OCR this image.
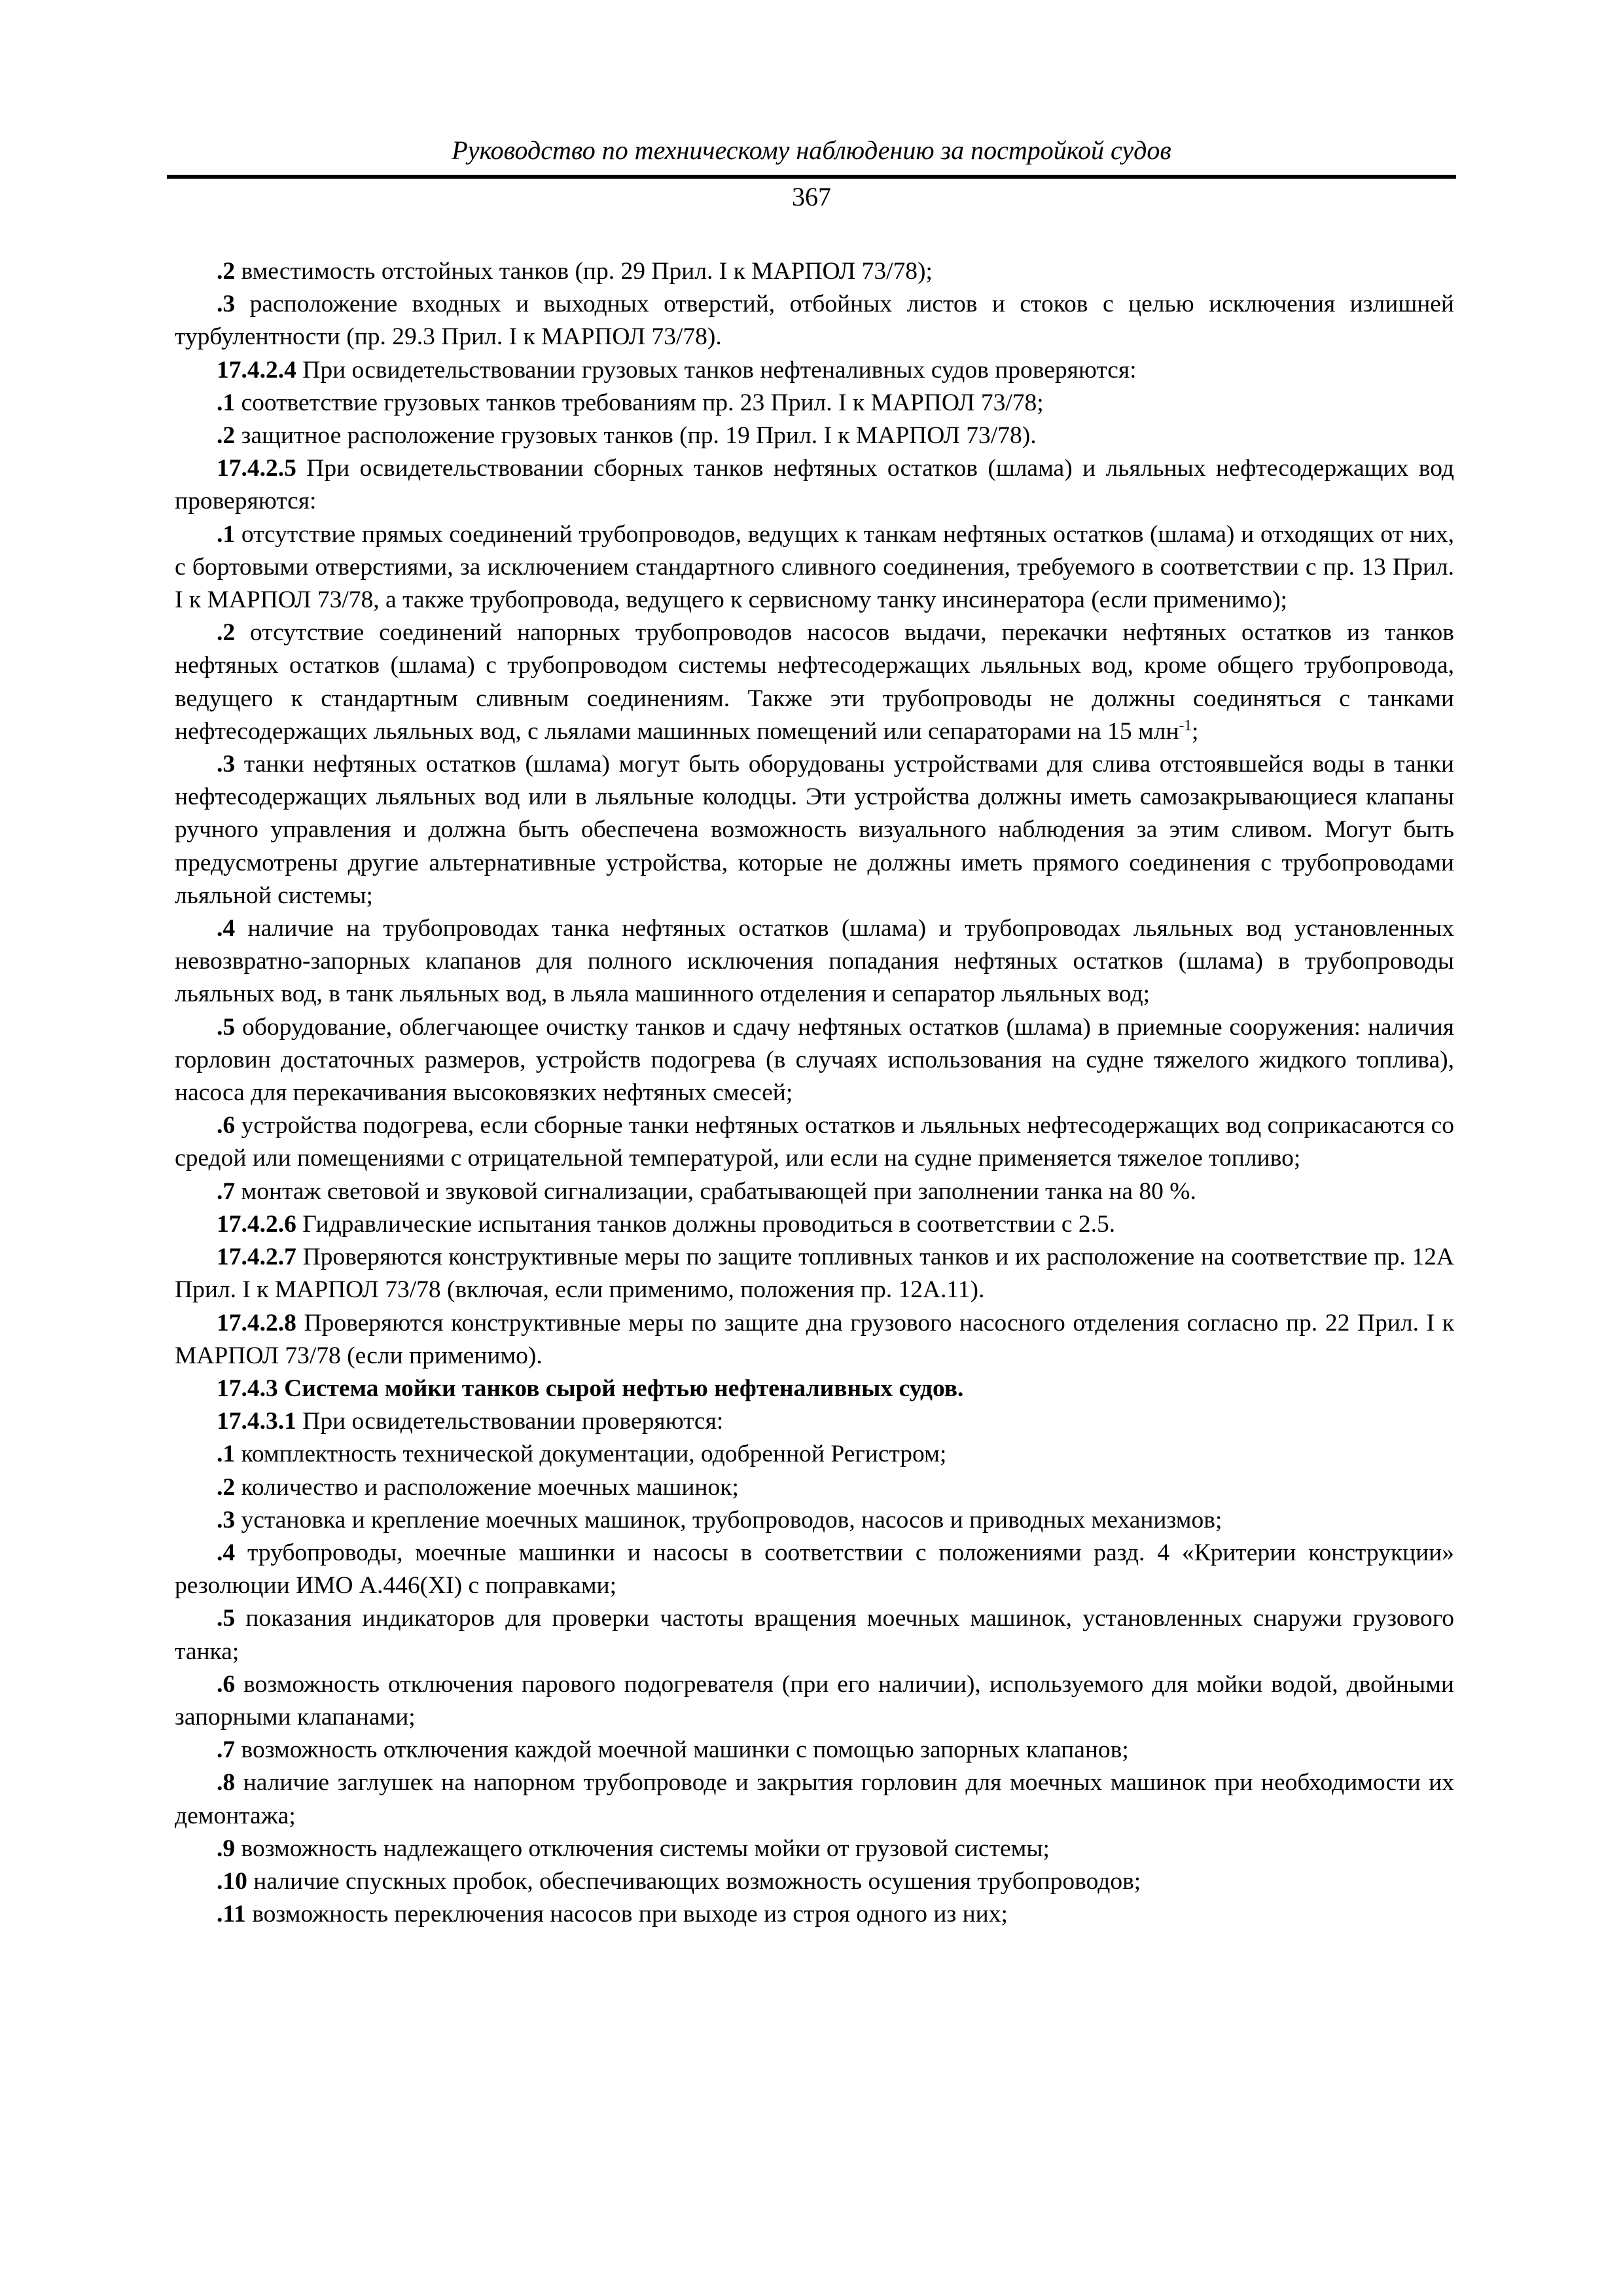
Руководство по техническому наблюдению за постройкой судов
367

.2 вместимость отстойных танков (пр. 29 Прил. I к МАРПОЛ 73/78);

.3 расположение входных и выходных отверстий, отбойных листов и стоков с целью исключения излишней турбулентности (пр. 29.3 Прил. I к МАРПОЛ 73/78).

17.4.2.4 При освидетельствовании грузовых танков нефтеналивных судов проверяются:

.1 соответствие грузовых танков требованиям пр. 23 Прил. I к МАРПОЛ 73/78;

.2 защитное расположение грузовых танков (пр. 19 Прил. I к МАРПОЛ 73/78).

17.4.2.5 При освидетельствовании сборных танков нефтяных остатков (шлама) и льяльных нефтесодержащих вод проверяются:

.1 отсутствие прямых соединений трубопроводов, ведущих к танкам нефтяных остатков (шлама) и отходящих от них, с бортовыми отверстиями, за исключением стандартного сливного соединения, требуемого в соответствии с пр. 13 Прил. I к МАРПОЛ 73/78, а также трубопровода, ведущего к сервисному танку инсинератора (если применимо);

.2 отсутствие соединений напорных трубопроводов насосов выдачи, перекачки нефтяных остатков из танков нефтяных остатков (шлама) с трубопроводом системы нефтесодержащих льяльных вод, кроме общего трубопровода, ведущего к стандартным сливным соединениям. Также эти трубопроводы не должны соединяться с танками нефтесодержащих льяльных вод, с льялами машинных помещений или сепараторами на 15 млн$^{-1}$;

.3 танки нефтяных остатков (шлама) могут быть оборудованы устройствами для слива отстоявшейся воды в танки нефтесодержащих льяльных вод или в льяльные колодцы. Эти устройства должны иметь самозакрывающиеся клапаны ручного управления и должна быть обеспечена возможность визуального наблюдения за этим сливом. Могут быть предусмотрены другие альтернативные устройства, которые не должны иметь прямого соединения с трубопроводами льяльной системы;

.4 наличие на трубопроводах танка нефтяных остатков (шлама) и трубопроводах льяльных вод установленных невозвратно-запорных клапанов для полного исключения попадания нефтяных остатков (шлама) в трубопроводы льяльных вод, в танк льяльных вод, в льяла машинного отделения и сепаратор льяльных вод;

.5 оборудование, облегчающее очистку танков и сдачу нефтяных остатков (шлама) в приемные сооружения: наличия горловин достаточных размеров, устройств подогрева (в случаях использования на судне тяжелого жидкого топлива), насоса для перекачивания высоковязких нефтяных смесей;

.6 устройства подогрева, если сборные танки нефтяных остатков и льяльных нефтесодержащих вод соприкасаются со средой или помещениями с отрицательной температурой, или если на судне применяется тяжелое топливо;

.7 монтаж световой и звуковой сигнализации, срабатывающей при заполнении танка на 80 %.

17.4.2.6 Гидравлические испытания танков должны проводиться в соответствии с 2.5.

17.4.2.7 Проверяются конструктивные меры по защите топливных танков и их расположение на соответствие пр. 12A Прил. I к МАРПОЛ 73/78 (включая, если применимо, положения пр. 12A.11).

17.4.2.8 Проверяются конструктивные меры по защите дна грузового насосного отделения согласно пр. 22 Прил. I к МАРПОЛ 73/78 (если применимо).

17.4.3 Система мойки танков сырой нефтью нефтеналивных судов.

17.4.3.1 При освидетельствовании проверяются:

.1 комплектность технической документации, одобренной Регистром;

.2 количество и расположение моечных машинок;

.3 установка и крепление моечных машинок, трубопроводов, насосов и приводных механизмов;

.4 трубопроводы, моечные машинки и насосы в соответствии с положениями разд. 4 «Критерии конструкции» резолюции ИМО А.446(XI) с поправками;

.5 показания индикаторов для проверки частоты вращения моечных машинок, установленных снаружи грузового танка;

.6 возможность отключения парового подогревателя (при его наличии), используемого для мойки водой, двойными запорными клапанами;

.7 возможность отключения каждой моечной машинки с помощью запорных клапанов;

.8 наличие заглушек на напорном трубопроводе и закрытия горловин для моечных машинок при необходимости их демонтажа;

.9 возможность надлежащего отключения системы мойки от грузовой системы;

.10 наличие спускных пробок, обеспечивающих возможность осушения трубопроводов;

.11 возможность переключения насосов при выходе из строя одного из них;
